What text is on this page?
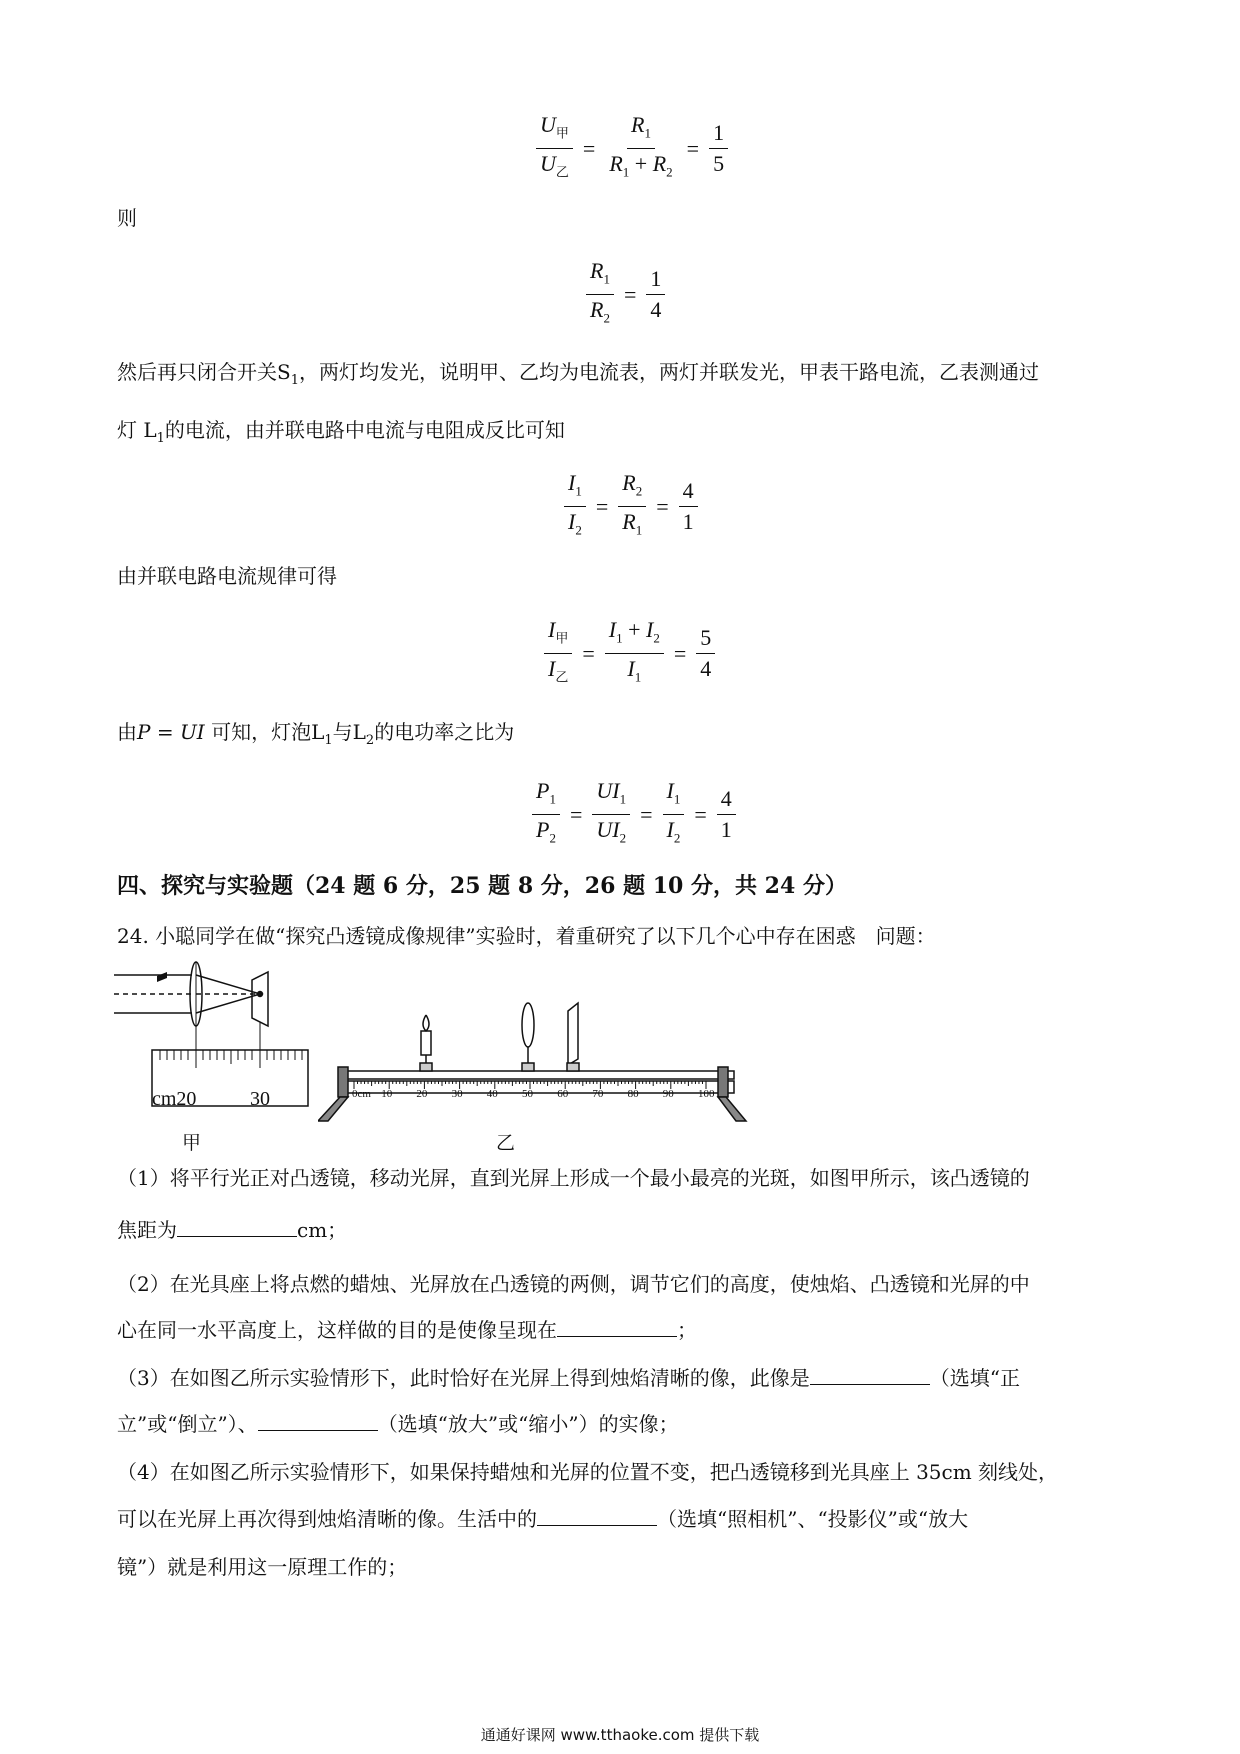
$\frac{U_甲}{U_乙} = \frac{R_1}{R_1 + R_2} = \frac{1}{5}$
则
$\frac{R_1}{R_2} = \frac{1}{4}$
然后再只闭合开关$S_1$，两灯均发光，说明甲、乙均为电流表，两灯并联发光，甲表干路电流，乙表测通过
灯 $L_1$的电流，由并联电路中电流与电阻成反比可知
$\frac{I_1}{I_2} = \frac{R_2}{R_1} = \frac{4}{1}$
由并联电路电流规律可得
$\frac{I_甲}{I_乙} = \frac{I_1 + I_2}{I_1} = \frac{5}{4}$
由P = UI 可知，灯泡$L_1$与$L_2$的电功率之比为
$\frac{P_1}{P_2} = \frac{UI_1}{UI_2} = \frac{I_1}{I_2} = \frac{4}{1}$
四、探究与实验题（24 题 6 分，25 题 8 分，26 题 10 分，共 24 分）
24. 小聪同学在做“探究凸透镜成像规律”实验时，着重研究了以下几个心中存在困惑　问题：
cm20	30
甲
0cm 10 20 30 40 50 60 70 80 90 100
乙
（1）将平行光正对凸透镜，移动光屏，直到光屏上形成一个最小最亮的光斑，如图甲所示，该凸透镜的
焦距为	cm；
（2）在光具座上将点燃的蜡烛、光屏放在凸透镜的两侧，调节它们的高度，使烛焰、凸透镜和光屏的中
心在同一水平高度上，这样做的目的是使像呈现在	；
（3）在如图乙所示实验情形下，此时恰好在光屏上得到烛焰清晰的像，此像是	（选填“正
立”或“倒立”）、	（选填“放大”或“缩小”）的实像；
（4）在如图乙所示实验情形下，如果保持蜡烛和光屏的位置不变，把凸透镜移到光具座上 35cm 刻线处，
可以在光屏上再次得到烛焰清晰的像。生活中的	（选填“照相机”、“投影仪”或“放大
镜”）就是利用这一原理工作的；
通通好课网 www.tthaoke.com 提供下载
